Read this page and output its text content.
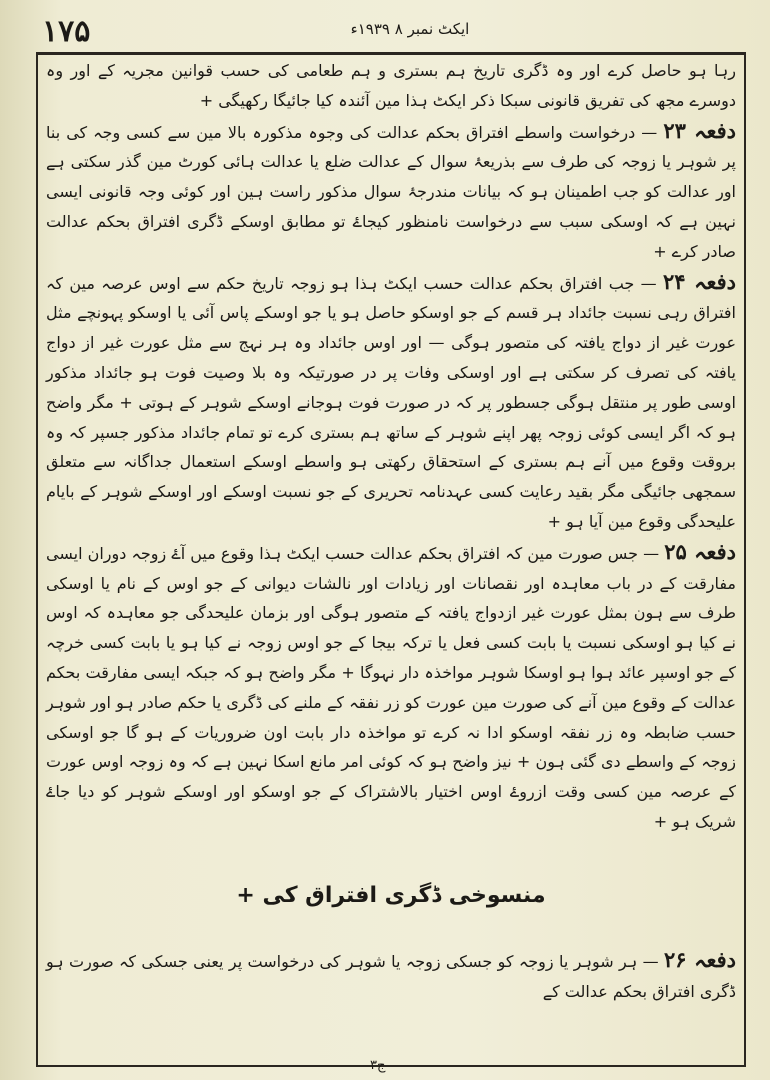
۱۷۵	ایکٹ نمبر ۸ ۱۹۳۹ء

رہا ہو حاصل کرے اور وہ ڈگری تاریخ ہم بستری و ہم طعامی کی حسب قوانین مجریہ کے اور وہ دوسرے مجھ کی تفریق قانونی سبکا ذکر ایکٹ ہذا مین آئندہ کیا جائیگا رکھیگی +

دفعہ ۲۳ — درخواست واسطے افتراق بحکم عدالت کی وجوہ مذکورہ بالا مین سے کسی وجہ کی بنا پر شوہر یا زوجہ کی طرف سے بذریعۂ سوال کے عدالت ضلع یا عدالت ہائی کورٹ مین گذر سکتی ہے اور عدالت کو جب اطمینان ہو کہ بیانات مندرجۂ سوال مذکور راست ہین اور کوئی وجہ قانونی ایسی نہین ہے کہ اوسکی سبب سے درخواست نامنظور کیجاۓ تو مطابق اوسکے ڈگری افتراق بحکم عدالت صادر کرے +

دفعہ ۲۴ — جب افتراق بحکم عدالت حسب ایکٹ ہذا ہو زوجہ تاریخ حکم سے اوس عرصہ مین کہ افتراق رہی نسبت جائداد ہر قسم کے جو اوسکو حاصل ہو یا جو اوسکے پاس آئی یا اوسکو پہونچے مثل عورت غیر از دواج یافتہ کی متصور ہوگی — اور اوس جائداد وہ ہر نہج سے مثل عورت غیر از دواج یافتہ کی تصرف کر سکتی ہے اور اوسکی وفات پر در صورتیکہ وہ بلا وصیت فوت ہو جائداد مذکور اوسی طور پر منتقل ہوگی جسطور پر کہ در صورت فوت ہوجانے اوسکے شوہر کے ہوتی + مگر واضح ہو کہ اگر ایسی کوئی زوجہ پھر اپنے شوہر کے ساتھ ہم بستری کرے تو تمام جائداد مذکور جسپر کہ وہ بروقت وقوع میں آنے ہم بستری کے استحقاق رکھتی ہو واسطے اوسکے استعمال جداگانہ سے متعلق سمجھی جائیگی مگر بقید رعایت کسی عہدنامہ تحریری کے جو نسبت اوسکے اور اوسکے شوہر کے بایام علیحدگی وقوع مین آیا ہو +

دفعہ ۲۵ — جس صورت مین کہ افتراق بحکم عدالت حسب ایکٹ ہذا وقوع میں آۓ زوجہ دوران ایسی مفارقت کے در باب معاہدہ اور نقصانات اور زیادات اور نالشات دیوانی کے جو اوس کے نام یا اوسکی طرف سے ہون بمثل عورت غیر ازدواج یافتہ کے متصور ہوگی اور بزمان علیحدگی جو معاہدہ کہ اوس نے کیا ہو اوسکی نسبت یا بابت کسی فعل یا ترکہ بیجا کے جو اوس زوجہ نے کیا ہو یا بابت کسی خرچہ کے جو اوسپر عائد ہوا ہو اوسکا شوہر مواخذہ دار نہوگا + مگر واضح ہو کہ جبکہ ایسی مفارقت بحکم عدالت کے وقوع مین آنے کی صورت مین عورت کو زر نفقہ کے ملنے کی ڈگری یا حکم صادر ہو اور شوہر حسب ضابطہ وہ زر نفقہ اوسکو ادا نہ کرے تو مواخذہ دار بابت اون ضروریات کے ہو گا جو اوسکی زوجہ کے واسطے دی گئی ہون + نیز واضح ہو کہ کوئی امر مانع اسکا نہین ہے کہ وہ زوجہ اوس عورت کے عرصہ مین کسی وقت ازروۓ اوس اختیار بالاشتراک کے جو اوسکو اور اوسکے شوہر کو دیا جاۓ شریک ہو +

منسوخی ڈگری افتراق کی +

دفعہ ۲۶ — ہر شوہر یا زوجہ کو جسکی زوجہ یا شوہر کی درخواست پر یعنی جسکی کہ صورت ہو ڈگری افتراق بحکم عدالت کے

ج۳
